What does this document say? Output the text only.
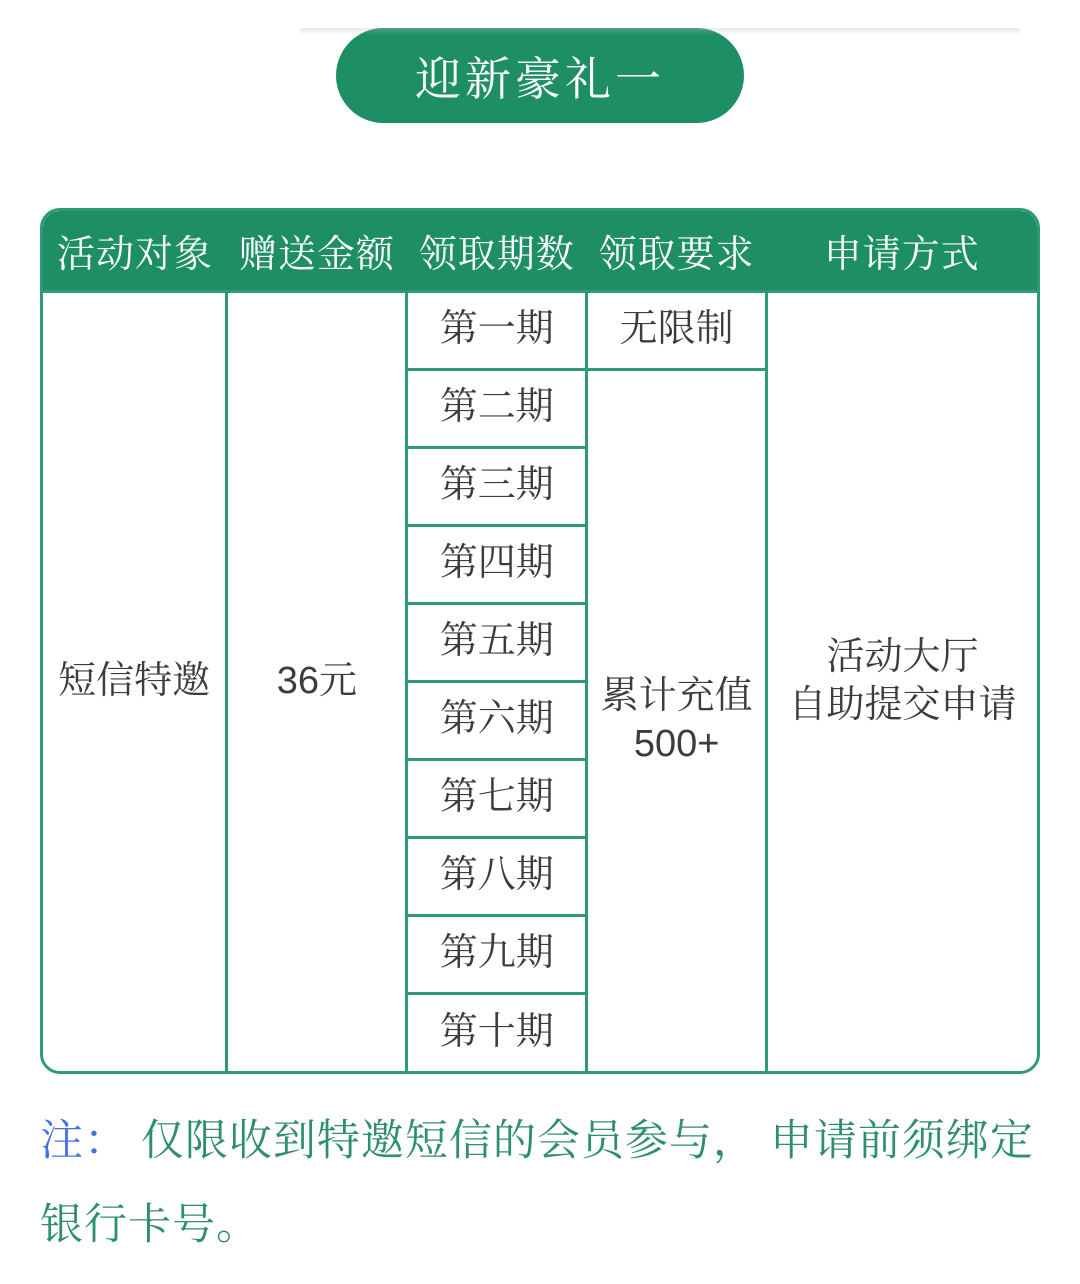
迎新豪礼一
活动对象	赠送金额	领取期数	领取要求	申请方式
短信特邀	36元	第一期	无限制	活动大厅
自助提交申请

		第二期	累计充值
500+	

		第三期		
		第四期		
		第五期		
		第六期		
		第七期		
		第八期		
		第九期		
		第十期		
注： 仅限收到特邀短信的会员参与， 申请前须绑定银行卡号。
